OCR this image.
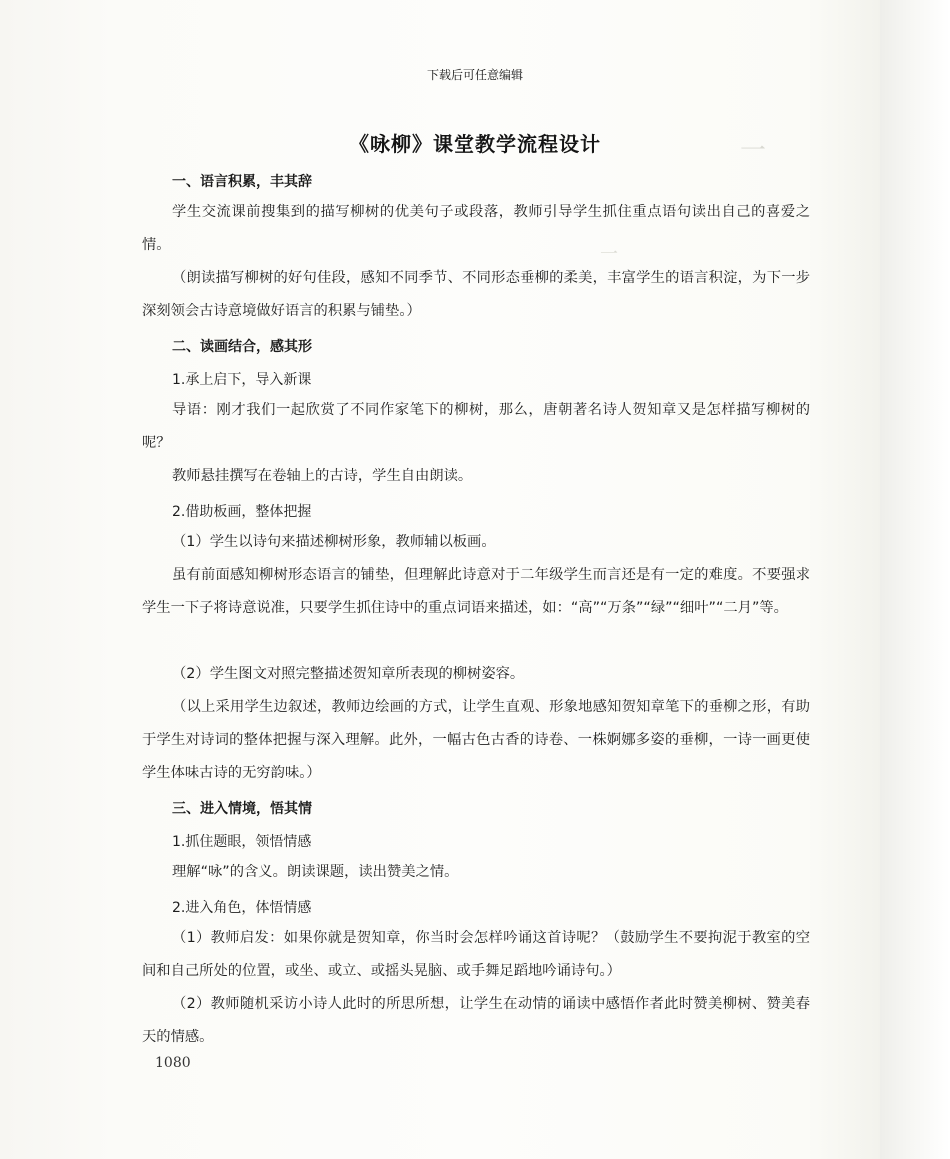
一
一
下载后可任意编辑
《咏柳》课堂教学流程设计
一、语言积累，丰其辞

学生交流课前搜集到的描写柳树的优美句子或段落，教师引导学生抓住重点语句读出自己的喜爱之情。

（朗读描写柳树的好句佳段，感知不同季节、不同形态垂柳的柔美，丰富学生的语言积淀，为下一步深刻领会古诗意境做好语言的积累与铺垫。）

二、读画结合，感其形
1.承上启下，导入新课

导语：刚才我们一起欣赏了不同作家笔下的柳树，那么，唐朝著名诗人贺知章又是怎样描写柳树的呢？

教师悬挂撰写在卷轴上的古诗，学生自由朗读。

2.借助板画，整体把握

（1）学生以诗句来描述柳树形象，教师辅以板画。

虽有前面感知柳树形态语言的铺垫，但理解此诗意对于二年级学生而言还是有一定的难度。不要强求学生一下子将诗意说准，只要学生抓住诗中的重点词语来描述，如：“高”“万条”“绿”“细叶”“二月”等。

（2）学生图文对照完整描述贺知章所表现的柳树姿容。

（以上采用学生边叙述，教师边绘画的方式，让学生直观、形象地感知贺知章笔下的垂柳之形，有助于学生对诗词的整体把握与深入理解。此外，一幅古色古香的诗卷、一株婀娜多姿的垂柳，一诗一画更使学生体味古诗的无穷韵味。）

三、进入情境，悟其情
1.抓住题眼，领悟情感

理解“咏”的含义。朗读课题，读出赞美之情。

2.进入角色，体悟情感

（1）教师启发：如果你就是贺知章，你当时会怎样吟诵这首诗呢？（鼓励学生不要拘泥于教室的空间和自己所处的位置，或坐、或立、或摇头晃脑、或手舞足蹈地吟诵诗句。）

（2）教师随机采访小诗人此时的所思所想，让学生在动情的诵读中感悟作者此时赞美柳树、赞美春天的情感。

1080
